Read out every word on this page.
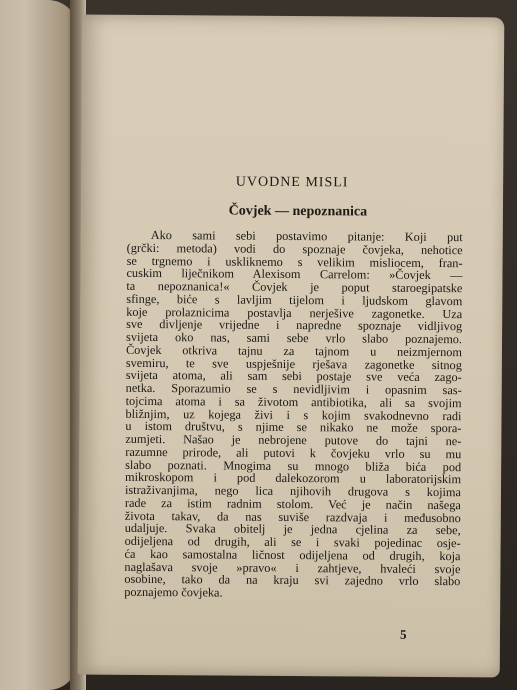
UVODNE MISLI
Čovjek — nepoznanica
Ako sami sebi postavimo pitanje: Koji put
(grčki: metoda) vodi do spoznaje čovjeka, nehotice
se trgnemo i uskliknemo s velikim misliocem, fran-
cuskim liječnikom Alexisom Carrelom: »Čovjek —
ta nepoznanica!« Čovjek je poput staroegipatske
sfinge, biće s lavljim tijelom i ljudskom glavom
koje prolaznicima postavlja nerješive zagonetke. Uza
sve divljenje vrijedne i napredne spoznaje vidljivog
svijeta oko nas, sami sebe vrlo slabo poznajemo.
Čovjek otkriva tajnu za tajnom u neizmjernom
svemiru, te sve uspješnije rješava zagonetke sitnog
svijeta atoma, ali sam sebi postaje sve veća zago-
netka. Sporazumio se s nevidljivim i opasnim sas-
tojcima atoma i sa životom antibiotika, ali sa svojim
bližnjim, uz kojega živi i s kojim svakodnevno radi
u istom društvu, s njime se nikako ne može spora-
zumjeti. Našao je nebrojene putove do tajni ne-
razumne prirode, ali putovi k čovjeku vrlo su mu
slabo poznati. Mnogima su mnogo bliža bića pod
mikroskopom i pod dalekozorom u laboratorijskim
istraživanjima, nego lica njihovih drugova s kojima
rade za istim radnim stolom. Već je način našega
života takav, da nas suviše razdvaja i međusobno
udaljuje. Svaka obitelj je jedna cjelina za sebe,
odijeljena od drugih, ali se i svaki pojedinac osje-
ća kao samostalna ličnost odijeljena od drugih, koja
naglašava svoje »pravo« i zahtjeve, hvaleći svoje
osobine, tako da na kraju svi zajedno vrlo slabo
poznajemo čovjeka.
5
